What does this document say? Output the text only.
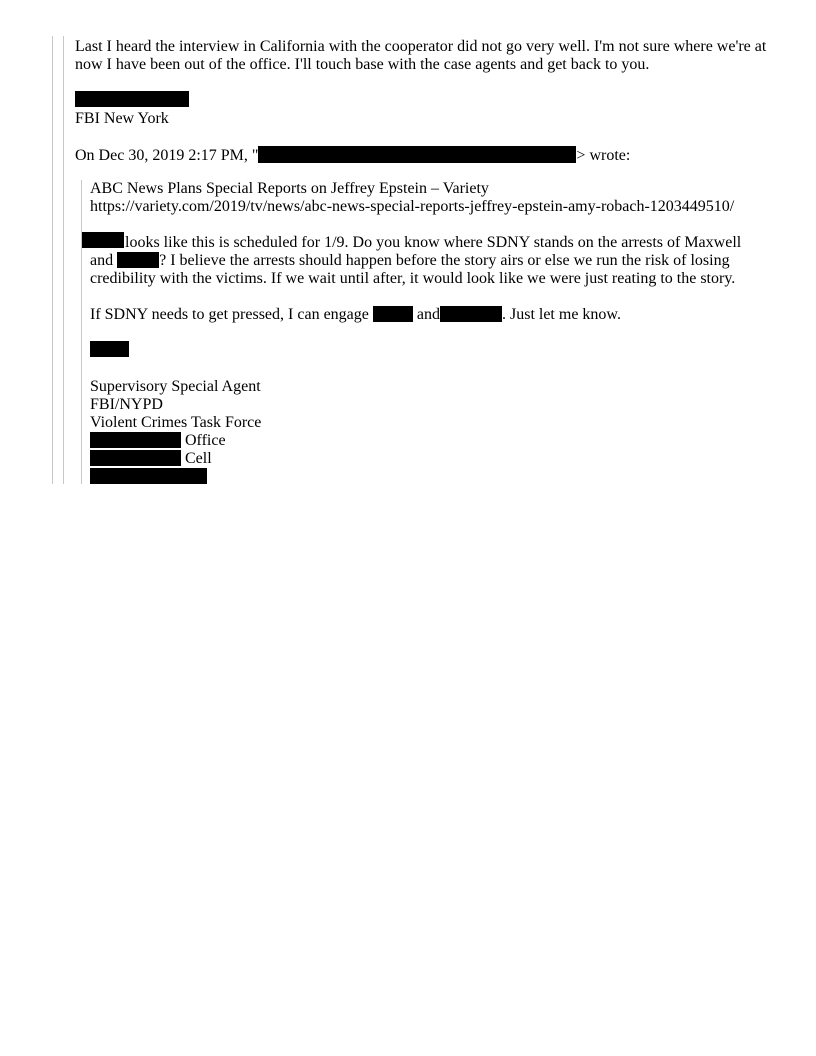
Last I heard the interview in California with the cooperator did not go very well. I'm not sure where we're at
now I have been out of the office. I'll touch base with the case agents and get back to you.
FBI New York
On Dec 30, 2019 2:17 PM, "	> wrote:
ABC News Plans Special Reports on Jeffrey Epstein – Variety
https://variety.com/2019/tv/news/abc-news-special-reports-jeffrey-epstein-amy-robach-1203449510/
looks like this is scheduled for 1/9. Do you know where SDNY stands on the arrests of Maxwell
and	? I believe the arrests should happen before the story airs or else we run the risk of losing
credibility with the victims. If we wait until after, it would look like we were just reating to the story.
If SDNY needs to get pressed, I can engage	and	. Just let me know.
Supervisory Special Agent
FBI/NYPD
Violent Crimes Task Force
Office
Cell
